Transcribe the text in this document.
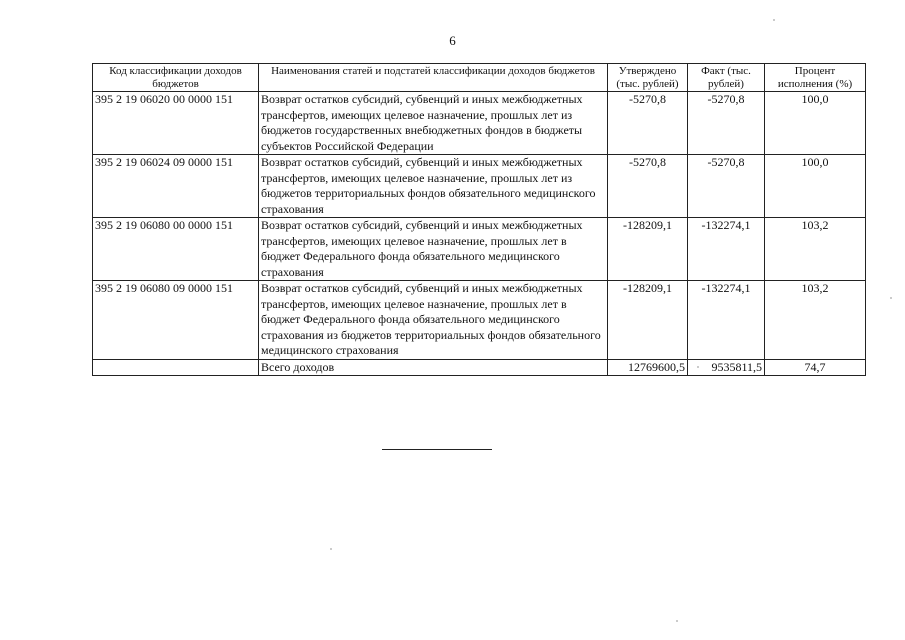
6
Код классификации доходов бюджетов	Наименования статей и подстатей классификации доходов бюджетов	Утверждено (тыс. рублей)	Факт (тыс. рублей)	Процент исполнения (%)
395 2 19 06020 00 0000 151	Возврат остатков субсидий, субвенций и иных межбюджетных трансфертов, имеющих целевое назначение, прошлых лет из бюджетов государственных внебюджетных фондов в бюджеты субъектов Российской Федерации	-5270,8	-5270,8	100,0
395 2 19 06024 09 0000 151	Возврат остатков субсидий, субвенций и иных межбюджетных трансфертов, имеющих целевое назначение, прошлых лет из бюджетов территориальных фондов обязательного медицинского страхования	-5270,8	-5270,8	100,0
395 2 19 06080 00 0000 151	Возврат остатков субсидий, субвенций и иных межбюджетных трансфертов, имеющих целевое назначение, прошлых лет в бюджет Федерального фонда обязательного медицинского страхования	-128209,1	-132274,1	103,2
395 2 19 06080 09 0000 151	Возврат остатков субсидий, субвенций и иных межбюджетных трансфертов, имеющих целевое назначение, прошлых лет в бюджет Федерального фонда обязательного медицинского страхования из бюджетов территориальных фондов обязательного медицинского страхования	-128209,1	-132274,1	103,2
	Всего доходов	12769600,5	9535811,5	74,7
